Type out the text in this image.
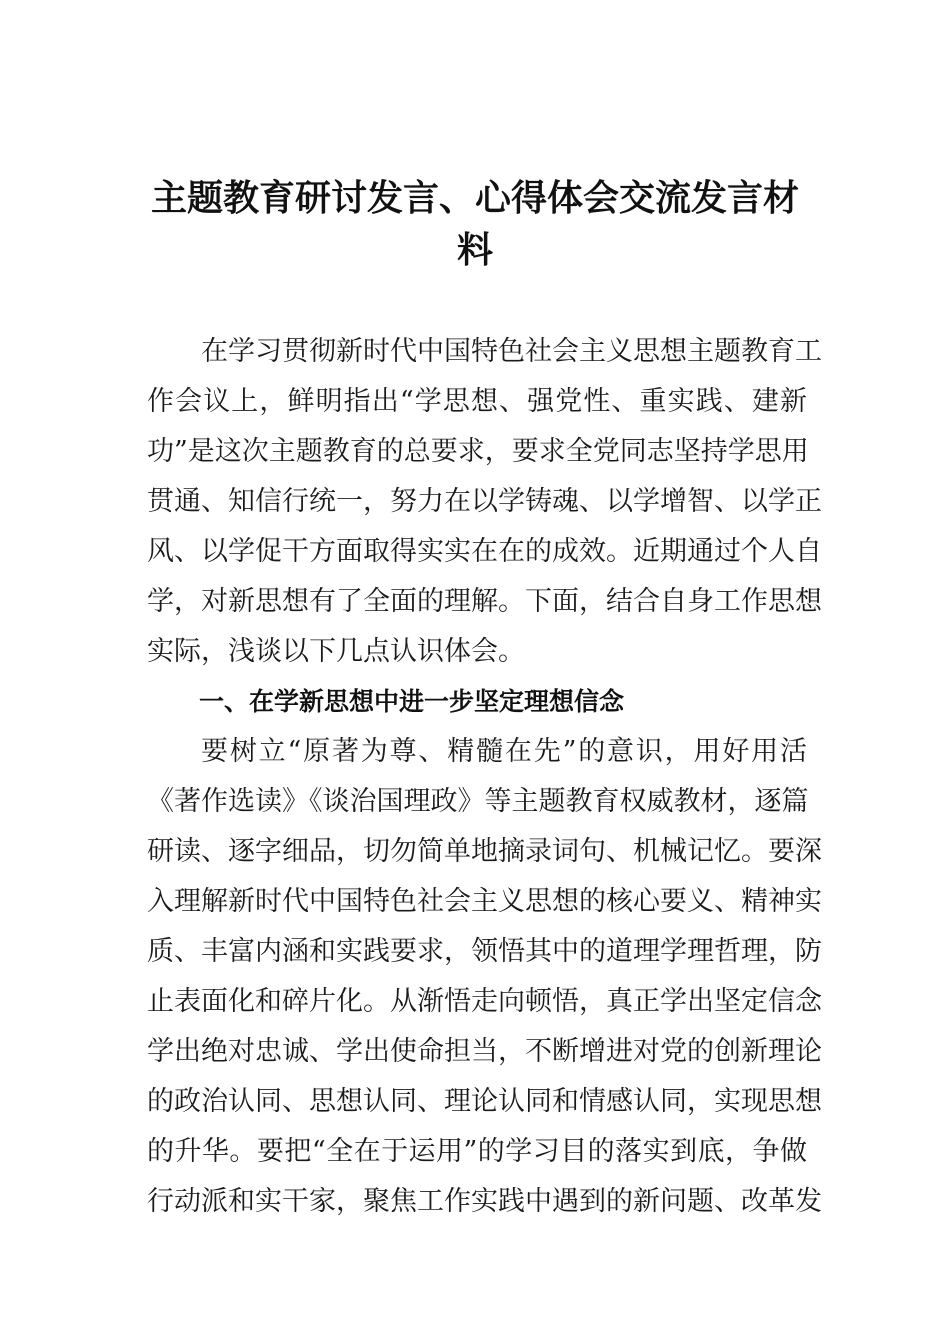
主题教育研讨发言、心得体会交流发言材
料
在学习贯彻新时代中国特色社会主义思想主题教育工
作会议上，鲜明指出“学思想、强党性、重实践、建新
功”是这次主题教育的总要求，要求全党同志坚持学思用
贯通、知信行统一，努力在以学铸魂、以学增智、以学正
风、以学促干方面取得实实在在的成效。近期通过个人自
学，对新思想有了全面的理解。下面，结合自身工作思想
实际，浅谈以下几点认识体会。
一、在学新思想中进一步坚定理想信念
要树立“原著为尊、精髓在先”的意识，用好用活
《著作选读》《谈治国理政》等主题教育权威教材，逐篇
研读、逐字细品，切勿简单地摘录词句、机械记忆。要深
入理解新时代中国特色社会主义思想的核心要义、精神实
质、丰富内涵和实践要求，领悟其中的道理学理哲理，防
止表面化和碎片化。从渐悟走向顿悟，真正学出坚定信念
学出绝对忠诚、学出使命担当，不断增进对党的创新理论
的政治认同、思想认同、理论认同和情感认同，实现思想
的升华。要把“全在于运用”的学习目的落实到底，争做
行动派和实干家，聚焦工作实践中遇到的新问题、改革发
